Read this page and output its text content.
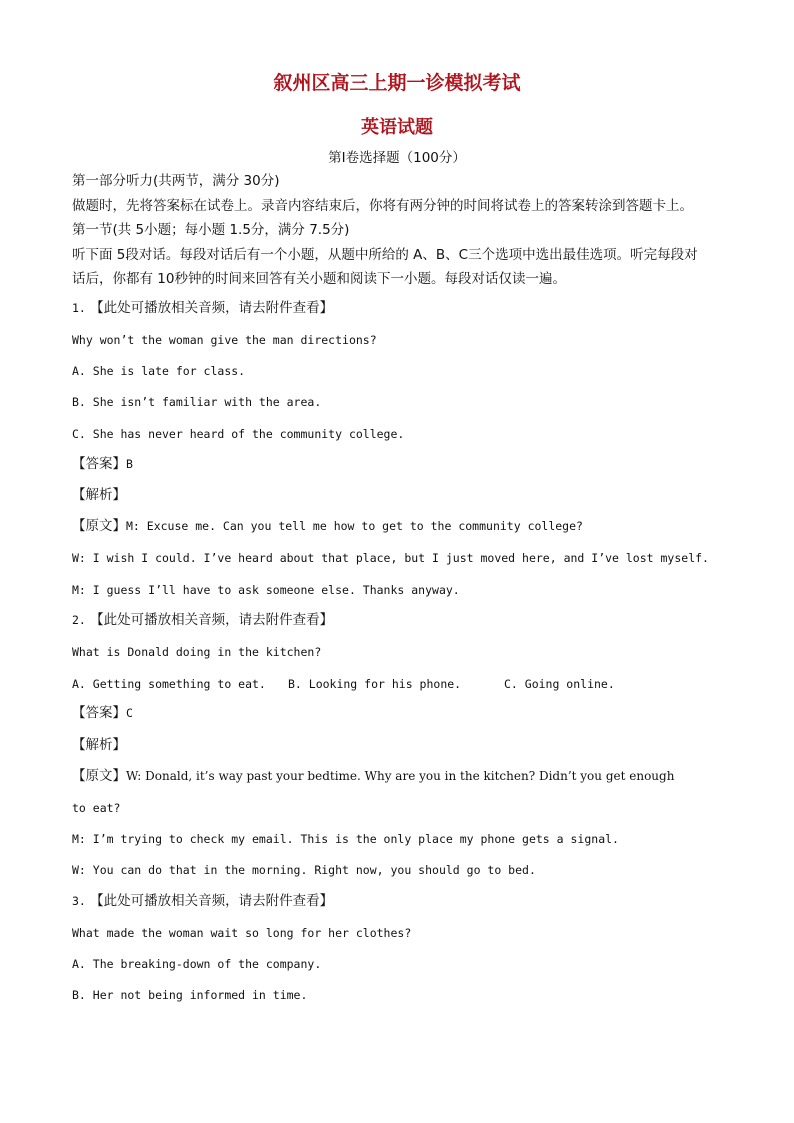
叙州区高三上期一诊模拟考试
英语试题
第Ⅰ卷选择题（100分）
第一部分听力(共两节，满分 30分)
做题时，先将答案标在试卷上。录音内容结束后，你将有两分钟的时间将试卷上的答案转涂到答题卡上。
第一节(共 5小题；每小题 1.5分，满分 7.5分)
听下面 5段对话。每段对话后有一个小题，从题中所给的 A、B、C三个选项中选出最佳选项。听完每段对
话后，你都有 10秒钟的时间来回答有关小题和阅读下一小题。每段对话仅读一遍。
1. 【此处可播放相关音频，请去附件查看】
Why won’t the woman give the man directions?
A. She is late for class.
B. She isn’t familiar with the area.
C. She has never heard of the community college.
【答案】B
【解析】
【原文】M: Excuse me. Can you tell me how to get to the community college?
W: I wish I could. I’ve heard about that place, but I just moved here, and I’ve lost myself.
M: I guess I’ll have to ask someone else. Thanks anyway.
2. 【此处可播放相关音频，请去附件查看】
What is Donald doing in the kitchen?
A. Getting something to eat. B. Looking for his phone.	C. Going online.
【答案】C
【解析】
【原文】W: Donald, it’s way past your bedtime. Why are you in the kitchen? Didn’t you get enough
to eat?
M: I’m trying to check my email. This is the only place my phone gets a signal.
W: You can do that in the morning. Right now, you should go to bed.
3. 【此处可播放相关音频，请去附件查看】
What made the woman wait so long for her clothes?
A. The breaking-down of the company.
B. Her not being informed in time.
